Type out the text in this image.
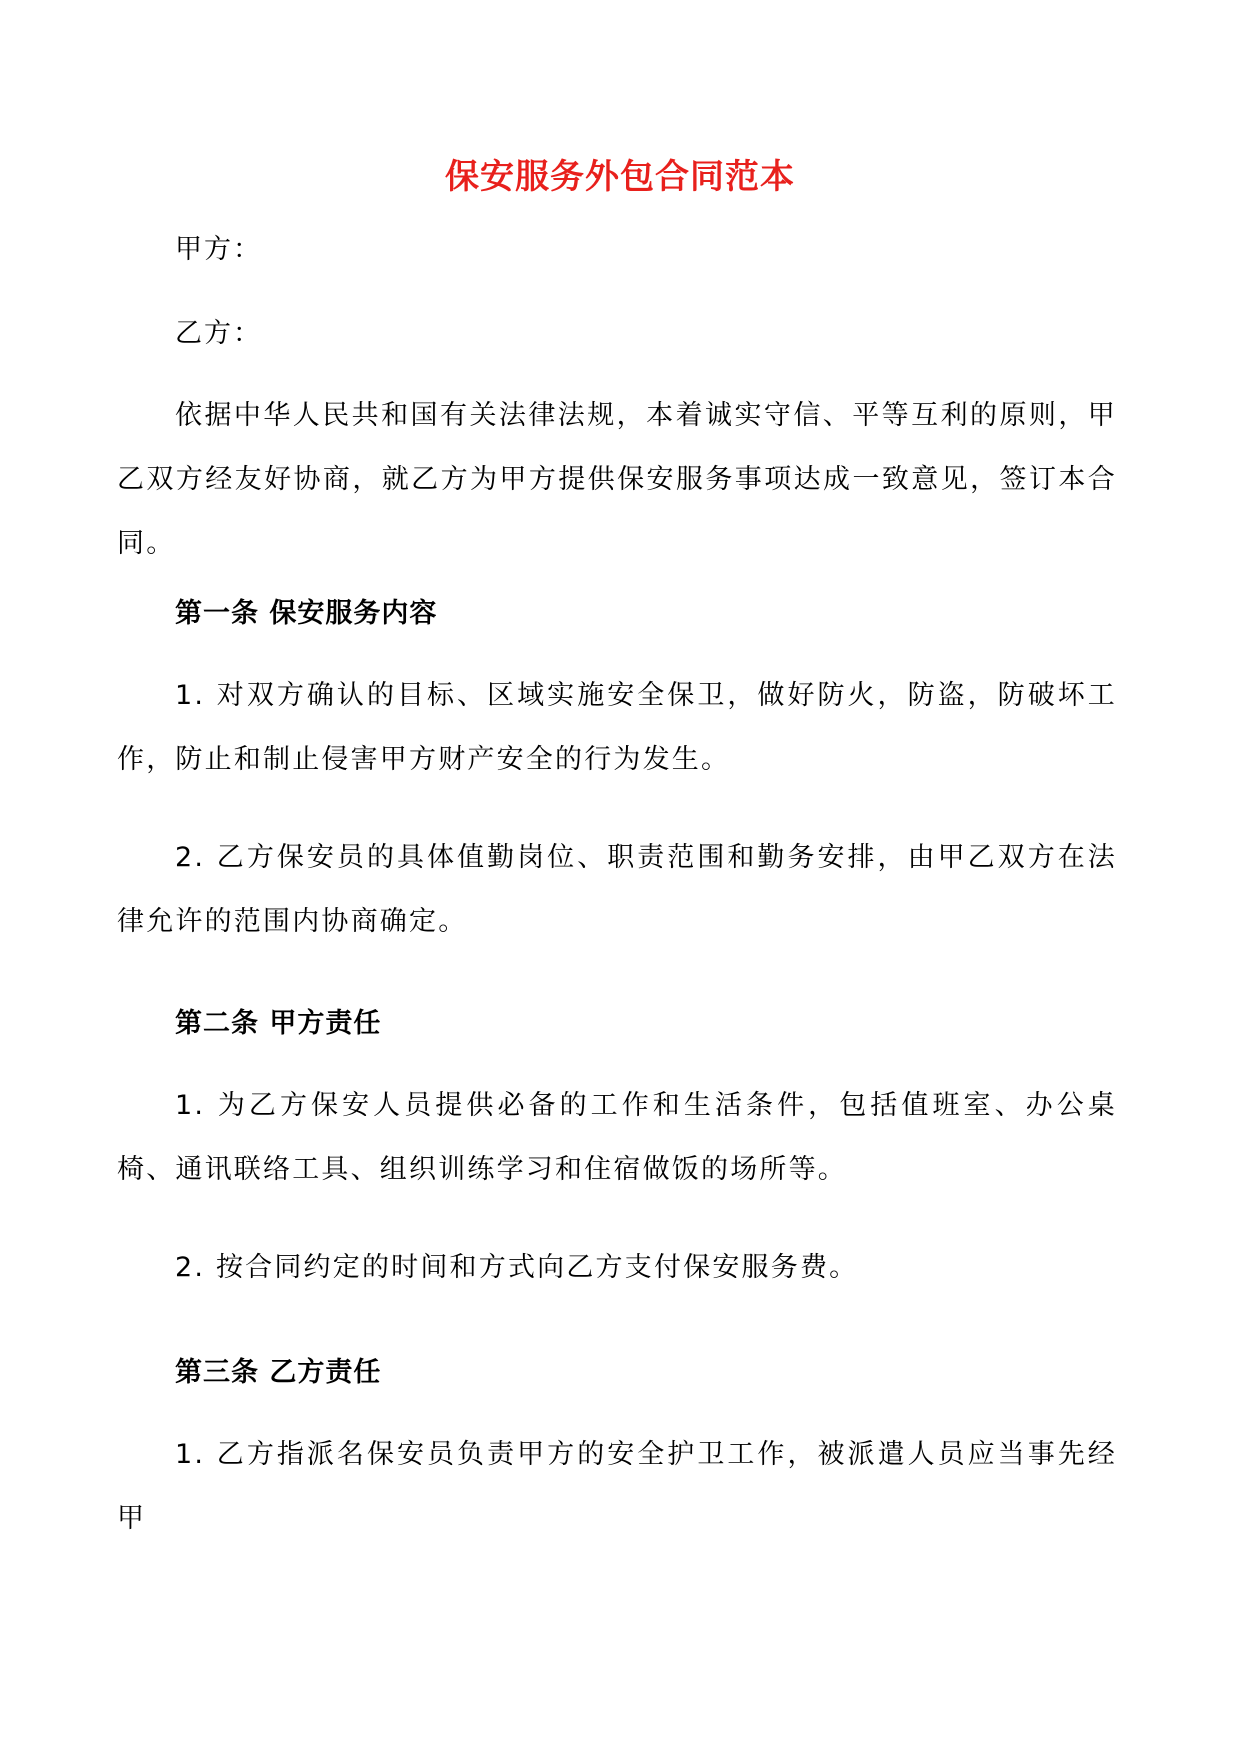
保安服务外包合同范本

甲方：

乙方：

依据中华人民共和国有关法律法规，本着诚实守信、平等互利的原则，甲乙双方经友好协商，就乙方为甲方提供保安服务事项达成一致意见，签订本合同。

第一条 保安服务内容

1. 对双方确认的目标、区域实施安全保卫，做好防火，防盗，防破坏工作，防止和制止侵害甲方财产安全的行为发生。

2. 乙方保安员的具体值勤岗位、职责范围和勤务安排，由甲乙双方在法律允许的范围内协商确定。

第二条 甲方责任

1. 为乙方保安人员提供必备的工作和生活条件，包括值班室、办公桌椅、通讯联络工具、组织训练学习和住宿做饭的场所等。

2. 按合同约定的时间和方式向乙方支付保安服务费。

第三条 乙方责任

1. 乙方指派名保安员负责甲方的安全护卫工作，被派遣人员应当事先经甲
